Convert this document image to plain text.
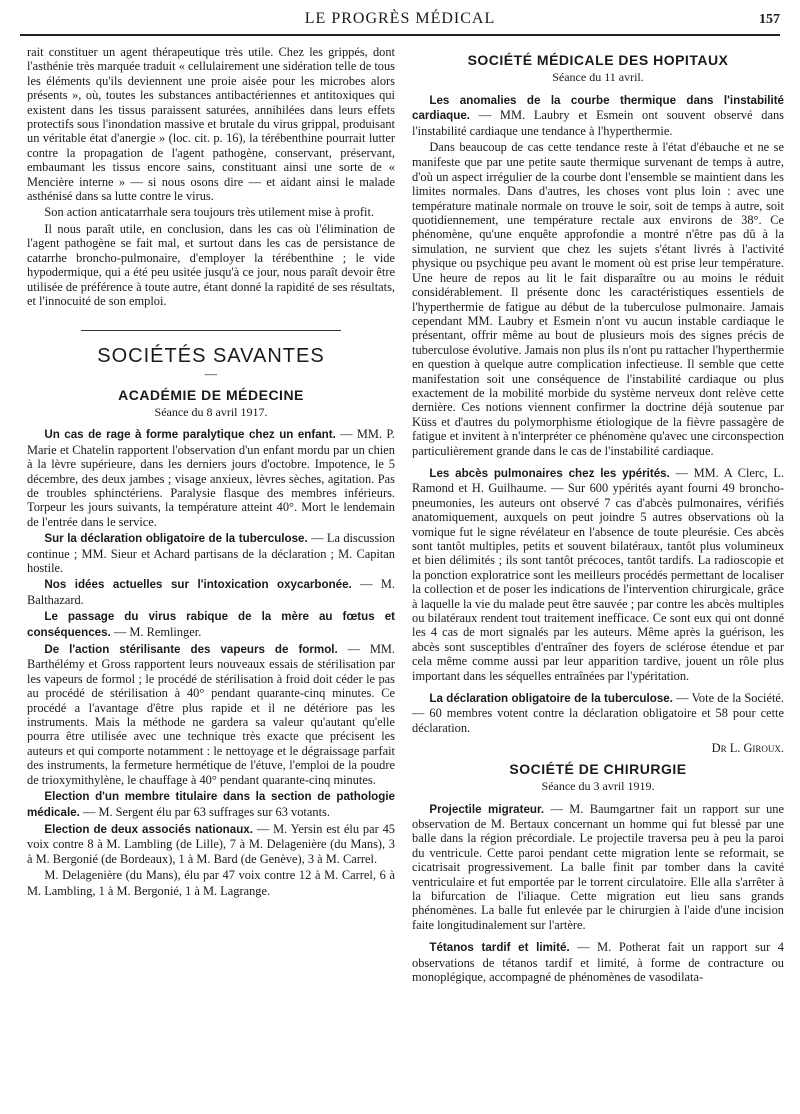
LE PROGRÈS MÉDICAL	157

rait constituer un agent thérapeutique très utile. Chez les grippés, dont l'asthénie très marquée traduit « cellulairement une sidération telle de tous les éléments qu'ils deviennent une proie aisée pour les microbes alors présents », où, toutes les substances antibactériennes et antitoxiques qui existent dans les tissus paraissent saturées, annihilées dans leurs effets protectifs sous l'inondation massive et brutale du virus grippal, produisant un véritable état d'anergie » (loc. cit. p. 16), la térébenthine pourrait lutter contre la propagation de l'agent pathogène, conservant, préservant, embaumant les tissus encore sains, constituant ainsi une sorte de « Mencière interne » — si nous osons dire — et aidant ainsi le malade asthénisé dans sa lutte contre le virus.

Son action anticatarrhale sera toujours très utilement mise à profit.

Il nous paraît utile, en conclusion, dans les cas où l'élimination de l'agent pathogène se fait mal, et surtout dans les cas de persistance de catarrhe broncho-pulmonaire, d'employer la térébenthine ; le vide hypodermique, qui a été peu usitée jusqu'à ce jour, nous paraît devoir être utilisée de préférence à toute autre, étant donné la rapidité de ses résultats, et l'innocuité de son emploi.

SOCIÉTÉS SAVANTES
—
ACADÉMIE DE MÉDECINE
Séance du 8 avril 1917.

Un cas de rage à forme paralytique chez un enfant. — MM. P. Marie et Chatelin rapportent l'observation d'un enfant mordu par un chien à la lèvre supérieure, dans les derniers jours d'octobre. Impotence, le 5 décembre, des deux jambes ; visage anxieux, lèvres sèches, agitation. Pas de troubles sphinctériens. Paralysie flasque des membres inférieurs. Torpeur les jours suivants, la température atteint 40°. Mort le lendemain de l'entrée dans le service.

Sur la déclaration obligatoire de la tuberculose. — La discussion continue ; MM. Sieur et Achard partisans de la déclaration ; M. Capitan hostile.

Nos idées actuelles sur l'intoxication oxycarbonée. — M. Balthazard.

Le passage du virus rabique de la mère au fœtus et conséquences. — M. Remlinger.

De l'action stérilisante des vapeurs de formol. — MM. Barthélémy et Gross rapportent leurs nouveaux essais de stérilisation par les vapeurs de formol ; le procédé de stérilisation à froid doit céder le pas au procédé de stérilisation à 40° pendant quarante-cinq minutes. Ce procédé a l'avantage d'être plus rapide et il ne détériore pas les instruments. Mais la méthode ne gardera sa valeur qu'autant qu'elle pourra être utilisée avec une technique très exacte que précisent les auteurs et qui comporte notamment : le nettoyage et le dégraissage parfait des instruments, la fermeture hermétique de l'étuve, l'emploi de la poudre de trioxymithylène, le chauffage à 40° pendant quarante-cinq minutes.

Election d'un membre titulaire dans la section de pathologie médicale. — M. Sergent élu par 63 suffrages sur 63 votants.

Election de deux associés nationaux. — M. Yersin est élu par 45 voix contre 8 à M. Lambling (de Lille), 7 à M. Delagenière (du Mans), 3 à M. Bergonié (de Bordeaux), 1 à M. Bard (de Genève), 3 à M. Carrel.

M. Delagenière (du Mans), élu par 47 voix contre 12 à M. Carrel, 6 à M. Lambling, 1 à M. Bergonié, 1 à M. Lagrange.

SOCIÉTÉ MÉDICALE DES HOPITAUX
Séance du 11 avril.

Les anomalies de la courbe thermique dans l'instabilité cardiaque. — MM. Laubry et Esmein ont souvent observé dans l'instabilité cardiaque une tendance à l'hyperthermie.

Dans beaucoup de cas cette tendance reste à l'état d'ébauche et ne se manifeste que par une petite saute thermique survenant de temps à autre, d'où un aspect irrégulier de la courbe dont l'ensemble se maintient dans les limites normales. Dans d'autres, les choses vont plus loin : avec une température matinale normale on trouve le soir, soit de temps à autre, soit quotidiennement, une température rectale aux environs de 38°. Ce phénomène, qu'une enquête approfondie a montré n'être pas dû à la simulation, ne survient que chez les sujets s'étant livrés à l'activité physique ou psychique peu avant le moment où est prise leur température. Une heure de repos au lit le fait disparaître ou au moins le réduit considérablement. Il présente donc les caractéristiques essentiels de l'hyperthermie de fatigue au début de la tuberculose pulmonaire. Jamais cependant MM. Laubry et Esmein n'ont vu aucun instable cardiaque le présentant, offrir même au bout de plusieurs mois des signes précis de tuberculose évolutive. Jamais non plus ils n'ont pu rattacher l'hyperthermie en question à quelque autre complication infectieuse. Il semble que cette manifestation soit une conséquence de l'instabilité cardiaque ou plus exactement de la mobilité morbide du système nerveux dont relève cette dernière. Ces notions viennent confirmer la doctrine déjà soutenue par Küss et d'autres du polymorphisme étiologique de la fièvre passagère de fatigue et invitent à n'interpréter ce phénomène qu'avec une circonspection particulièrement grande dans le cas de l'instabilité cardiaque.

Les abcès pulmonaires chez les ypérités. — MM. A Clerc, L. Ramond et H. Guilhaume. — Sur 600 ypérités ayant fourni 49 broncho-pneumonies, les auteurs ont observé 7 cas d'abcès pulmonaires, vérifiés anatomiquement, auxquels on peut joindre 5 autres observations où la vomique fut le signe révélateur en l'absence de toute pleurésie. Ces abcès sont tantôt multiples, petits et souvent bilatéraux, tantôt plus volumineux et bien délimités ; ils sont tantôt précoces, tantôt tardifs. La radioscopie et la ponction exploratrice sont les meilleurs procédés permettant de localiser la collection et de poser les indications de l'intervention chirurgicale, grâce à laquelle la vie du malade peut être sauvée ; par contre les abcès multiples ou bilatéraux rendent tout traitement inefficace. Ce sont eux qui ont donné les 4 cas de mort signalés par les auteurs. Même après la guérison, les abcès sont susceptibles d'entraîner des foyers de sclérose étendue et par cela même comme aussi par leur apparition tardive, jouent un rôle plus important dans les séquelles entraînées par l'ypéritation.

La déclaration obligatoire de la tuberculose. — Vote de la Société. — 60 membres votent contre la déclaration obligatoire et 58 pour cette déclaration.

Dr L. Giroux.
SOCIÉTÉ DE CHIRURGIE
Séance du 3 avril 1919.

Projectile migrateur. — M. Baumgartner fait un rapport sur une observation de M. Bertaux concernant un homme qui fut blessé par une balle dans la région précordiale. Le projectile traversa peu à peu la paroi du ventricule. Cette paroi pendant cette migration lente se reformait, se cicatrisait progressivement. La balle finit par tomber dans la cavité ventriculaire et fut emportée par le torrent circulatoire. Elle alla s'arrêter à la bifurcation de l'iliaque. Cette migration eut lieu sans grands phénomènes. La balle fut enlevée par le chirurgien à l'aide d'une incision faite longitudinalement sur l'artère.

Tétanos tardif et limité. — M. Potherat fait un rapport sur 4 observations de tétanos tardif et limité, à forme de contracture ou monoplégique, accompagné de phénomènes de vasodilata-
